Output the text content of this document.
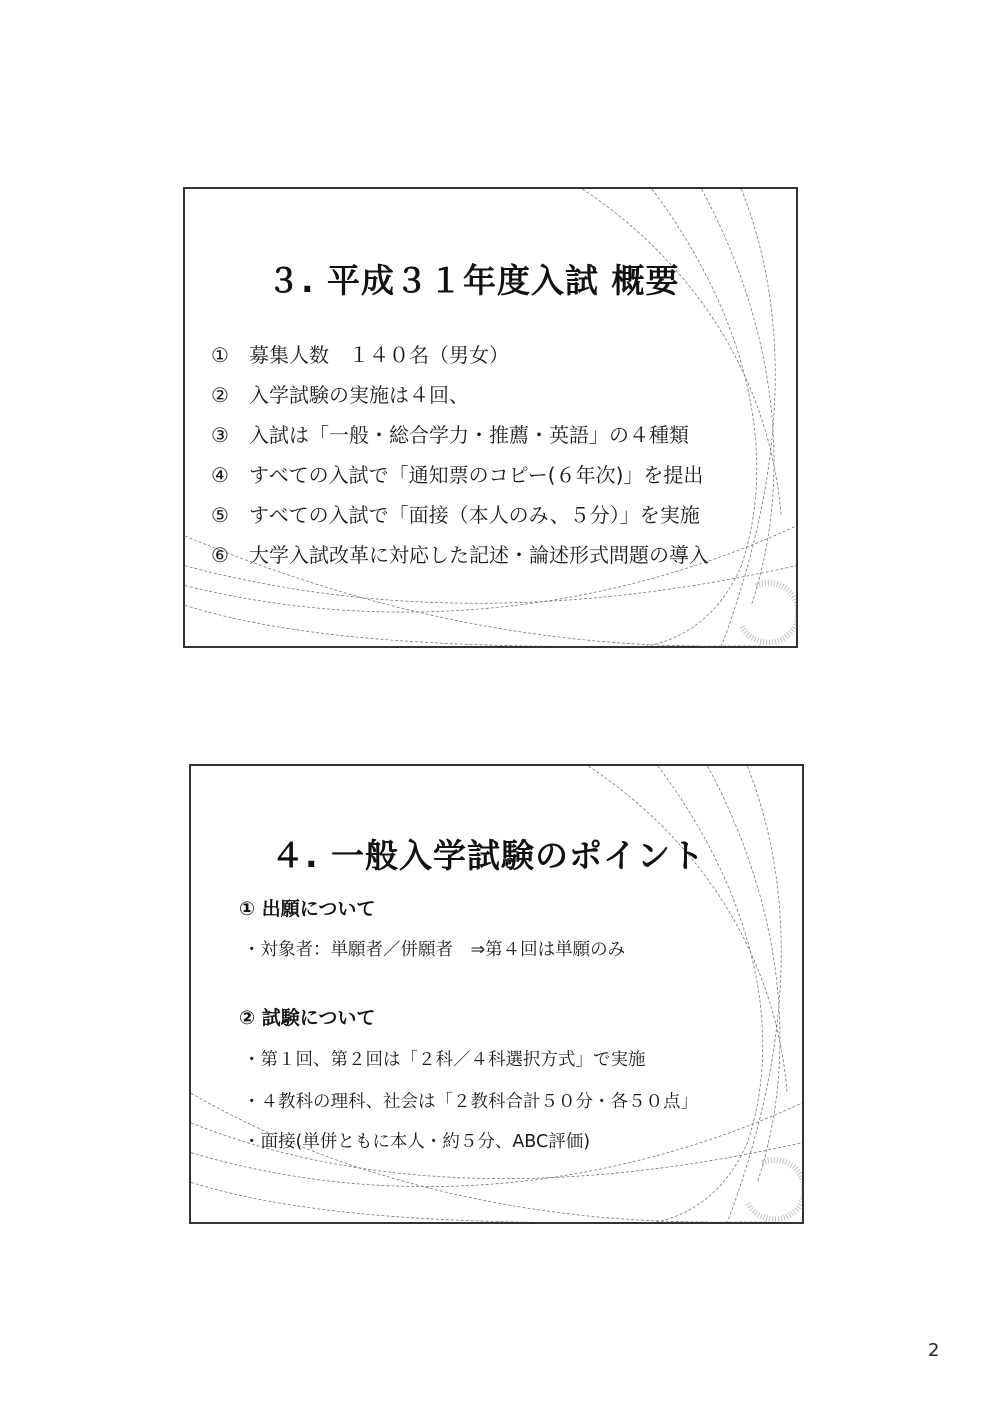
３. 平成３１年度入試 概要
① 募集人数　１４０名（男女）
② 入学試験の実施は４回、
③ 入試は「一般・総合学力・推薦・英語」の４種類
④ すべての入試で「通知票のコピー(６年次)」を提出
⑤ すべての入試で「面接（本人のみ、５分）」を実施
⑥ 大学入試改革に対応した記述・論述形式問題の導入
４. 一般入学試験のポイント
① 出願について
・対象者：単願者／併願者　⇒第４回は単願のみ
② 試験について
・第１回、第２回は「２科／４科選択方式」で実施
・４教科の理科、社会は「２教科合計５０分・各５０点」
・面接(単併ともに本人・約５分、ABC評価)
2
